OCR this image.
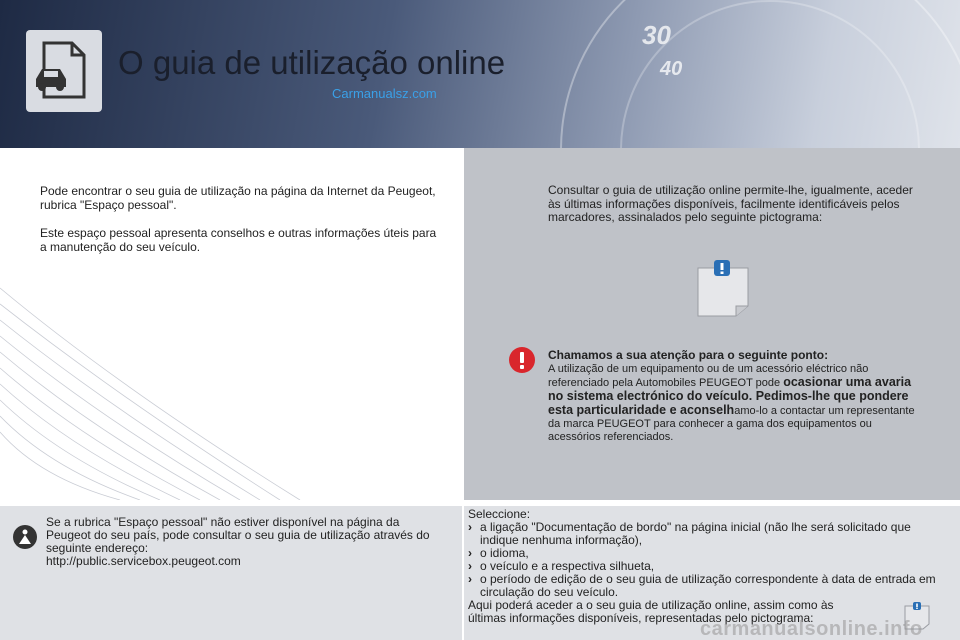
30
40
O guia de utilização online
Carmanualsz.com

Pode encontrar o seu guia de utilização na página da Internet da Peugeot, rubrica "Espaço pessoal".

Este espaço pessoal apresenta conselhos e outras informações úteis para a manutenção do seu veículo.

Consultar o guia de utilização online permite-lhe, igualmente, aceder às últimas informações disponíveis, facilmente identificáveis pelos marcadores, assinalados pelo seguinte pictograma:
Chamamos a sua atenção para o seguinte ponto:
A utilização de um equipamento ou de um acessório eléctrico não referenciado pela Automobiles PEUGEOT pode ocasionar uma avaria no sistema electrónico do veículo. Pedimos-lhe que pondere esta particularidade e aconselhamo-lo a contactar um representante da marca PEUGEOT para conhecer a gama dos equipamentos ou acessórios referenciados.
Se a rubrica "Espaço pessoal" não estiver disponível na página da Peugeot do seu país, pode consultar o seu guia de utilização através do seguinte endereço:
http://public.servicebox.peugeot.com
Seleccione:
› a ligação "Documentação de bordo" na página inicial (não lhe será solicitado que indique nenhuma informação),
› o idioma,
› o veículo e a respectiva silhueta,
› o período de edição de o seu guia de utilização correspondente à data de entrada em circulação do seu veículo.
Aqui poderá aceder a o seu guia de utilização online, assim como às últimas informações disponíveis, representadas pelo pictograma:
carmanualsonline.info
